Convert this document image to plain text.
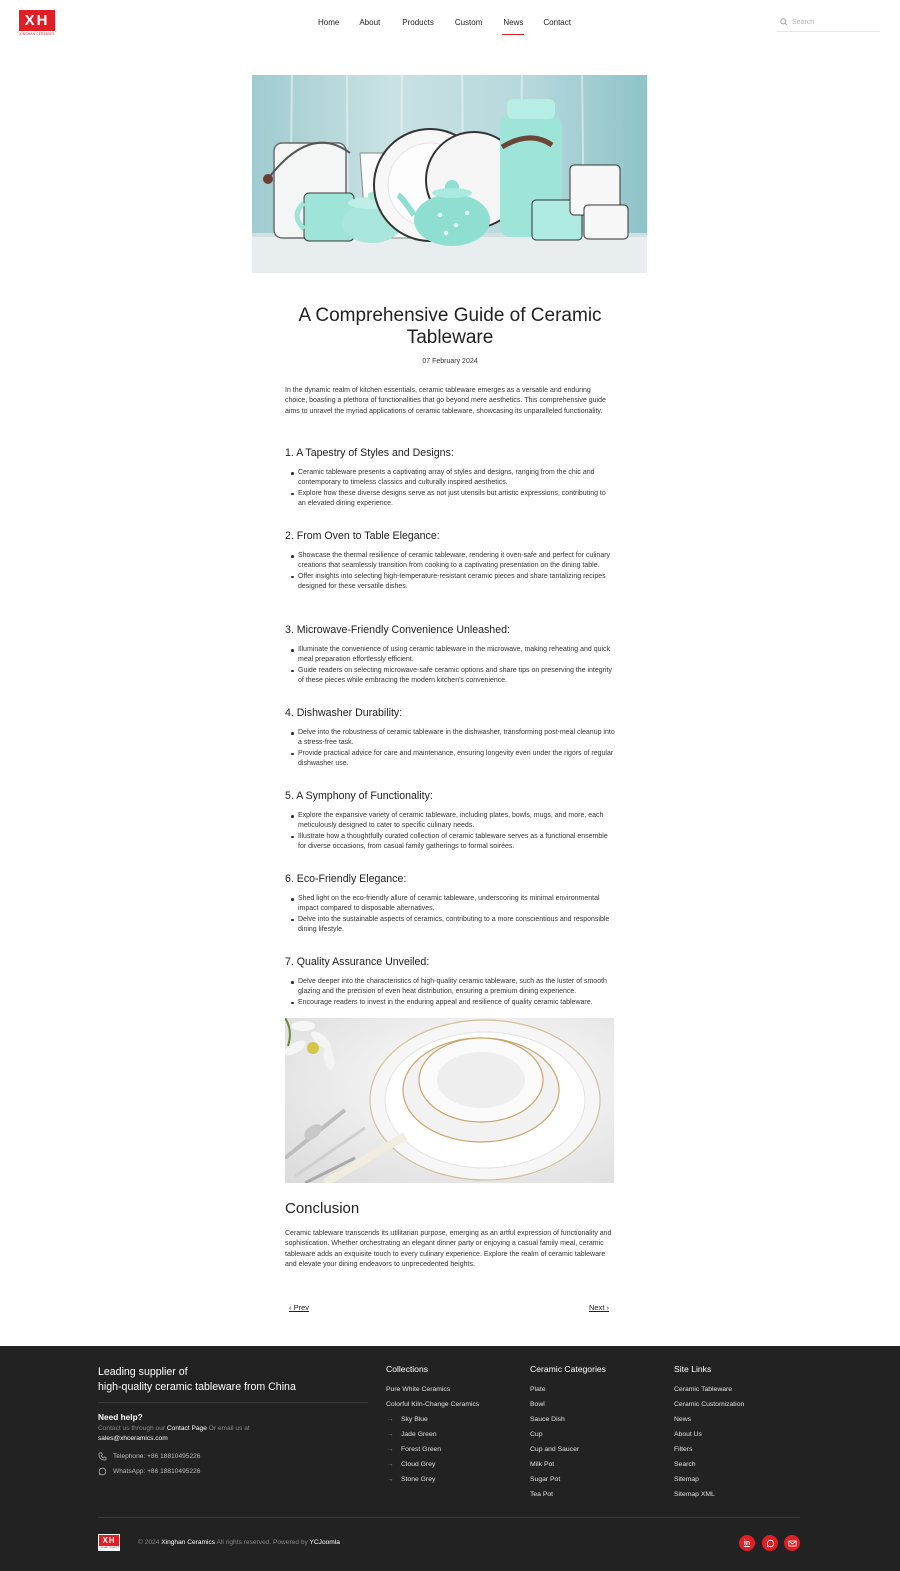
XH
XINGHAN CERAMICS
Home	About	Products	Custom	News	Contact
Search
A Comprehensive Guide of Ceramic Tableware
07 February 2024

In the dynamic realm of kitchen essentials, ceramic tableware emerges as a versatile and enduring choice, boasting a plethora of functionalities that go beyond mere aesthetics. This comprehensive guide aims to unravel the myriad applications of ceramic tableware, showcasing its unparalleled functionality.

1. A Tapestry of Styles and Designs:
Ceramic tableware presents a captivating array of styles and designs, ranging from the chic and contemporary to timeless classics and culturally inspired aesthetics.
Explore how these diverse designs serve as not just utensils but artistic expressions, contributing to an elevated dining experience.
2. From Oven to Table Elegance:
Showcase the thermal resilience of ceramic tableware, rendering it oven-safe and perfect for culinary creations that seamlessly transition from cooking to a captivating presentation on the dining table.
Offer insights into selecting high-temperature-resistant ceramic pieces and share tantalizing recipes designed for these versatile dishes.
3. Microwave-Friendly Convenience Unleashed:
Illuminate the convenience of using ceramic tableware in the microwave, making reheating and quick meal preparation effortlessly efficient.
Guide readers on selecting microwave-safe ceramic options and share tips on preserving the integrity of these pieces while embracing the modern kitchen's convenience.
4. Dishwasher Durability:
Delve into the robustness of ceramic tableware in the dishwasher, transforming post-meal cleanup into a stress-free task.
Provide practical advice for care and maintenance, ensuring longevity even under the rigors of regular dishwasher use.
5. A Symphony of Functionality:
Explore the expansive variety of ceramic tableware, including plates, bowls, mugs, and more, each meticulously designed to cater to specific culinary needs.
Illustrate how a thoughtfully curated collection of ceramic tableware serves as a functional ensemble for diverse occasions, from casual family gatherings to formal soirées.
6. Eco-Friendly Elegance:
Shed light on the eco-friendly allure of ceramic tableware, underscoring its minimal environmental impact compared to disposable alternatives.
Delve into the sustainable aspects of ceramics, contributing to a more conscientious and responsible dining lifestyle.
7. Quality Assurance Unveiled:
Delve deeper into the characteristics of high-quality ceramic tableware, such as the luster of smooth glazing and the precision of even heat distribution, ensuring a premium dining experience.
Encourage readers to invest in the enduring appeal and resilience of quality ceramic tableware.
Conclusion

Ceramic tableware transcends its utilitarian purpose, emerging as an artful expression of functionality and sophistication. Whether orchestrating an elegant dinner party or enjoying a casual family meal, ceramic tableware adds an exquisite touch to every culinary experience. Explore the realm of ceramic tableware and elevate your dining endeavors to unprecedented heights.

‹ Prev	Next ›
Leading supplier of
high-quality ceramic tableware from China
Need help?
Contact us through our Contact Page Or email us at sales@xhceramics.com
Telephone: +86 18810495226
WhatsApp: +86 18810495226
Collections
Pure White Ceramics
Colorful Kiln-Change Ceramics
→ Sky Blue
→ Jade Green
→ Forest Green
→ Cloud Grey
→ Stone Grey
Ceramic Categories
Plate
Bowl
Sauce Dish
Cup
Cup and Saucer
Milk Pot
Sugar Pot
Tea Pot
Site Links
Ceramic Tableware
Ceramic Customization
News
About Us
Filters
Search
Sitemap
Sitemap XML
XH
XINGHAN CERAMICS
© 2024 Xinghan Ceramics All rights reserved. Powered by YCJoomla	in
